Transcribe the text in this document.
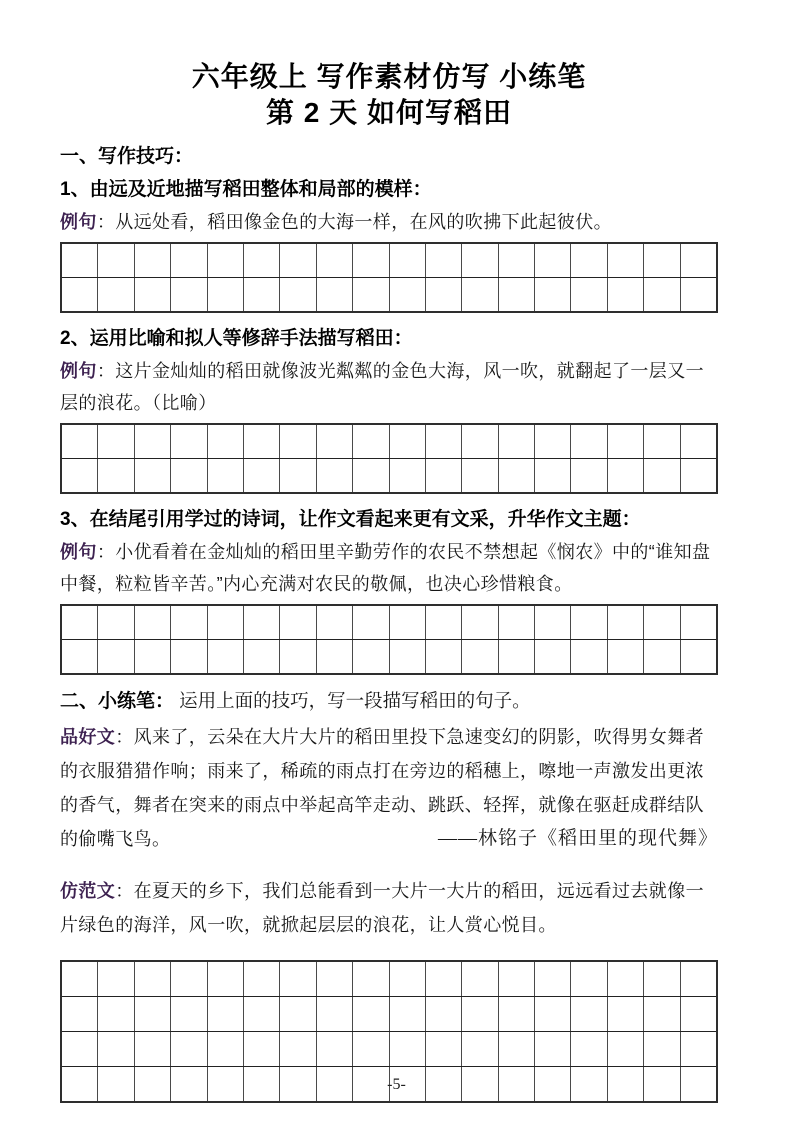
六年级上 写作素材仿写 小练笔
第 2 天 如何写稻田
一、写作技巧：
1、由远及近地描写稻田整体和局部的模样：

例句：从远处看，稻田像金色的大海一样，在风的吹拂下此起彼伏。

2、运用比喻和拟人等修辞手法描写稻田：

例句：这片金灿灿的稻田就像波光粼粼的金色大海，风一吹，就翻起了一层又一层的浪花。（比喻）

3、在结尾引用学过的诗词，让作文看起来更有文采，升华作文主题：

例句：小优看着在金灿灿的稻田里辛勤劳作的农民不禁想起《悯农》中的“谁知盘中餐，粒粒皆辛苦。”内心充满对农民的敬佩，也决心珍惜粮食。

二、小练笔： 运用上面的技巧，写一段描写稻田的句子。

品好文：风来了，云朵在大片大片的稻田里投下急速变幻的阴影，吹得男女舞者的衣服猎猎作响；雨来了，稀疏的雨点打在旁边的稻穗上，嚓地一声激发出更浓的香气，舞者在突来的雨点中举起高竿走动、跳跃、轻挥，就像在驱赶成群结队的偷嘴飞鸟。	——林铭子《稻田里的现代舞》

仿范文：在夏天的乡下，我们总能看到一大片一大片的稻田，远远看过去就像一片绿色的海洋，风一吹，就掀起层层的浪花，让人赏心悦目。

-5-
